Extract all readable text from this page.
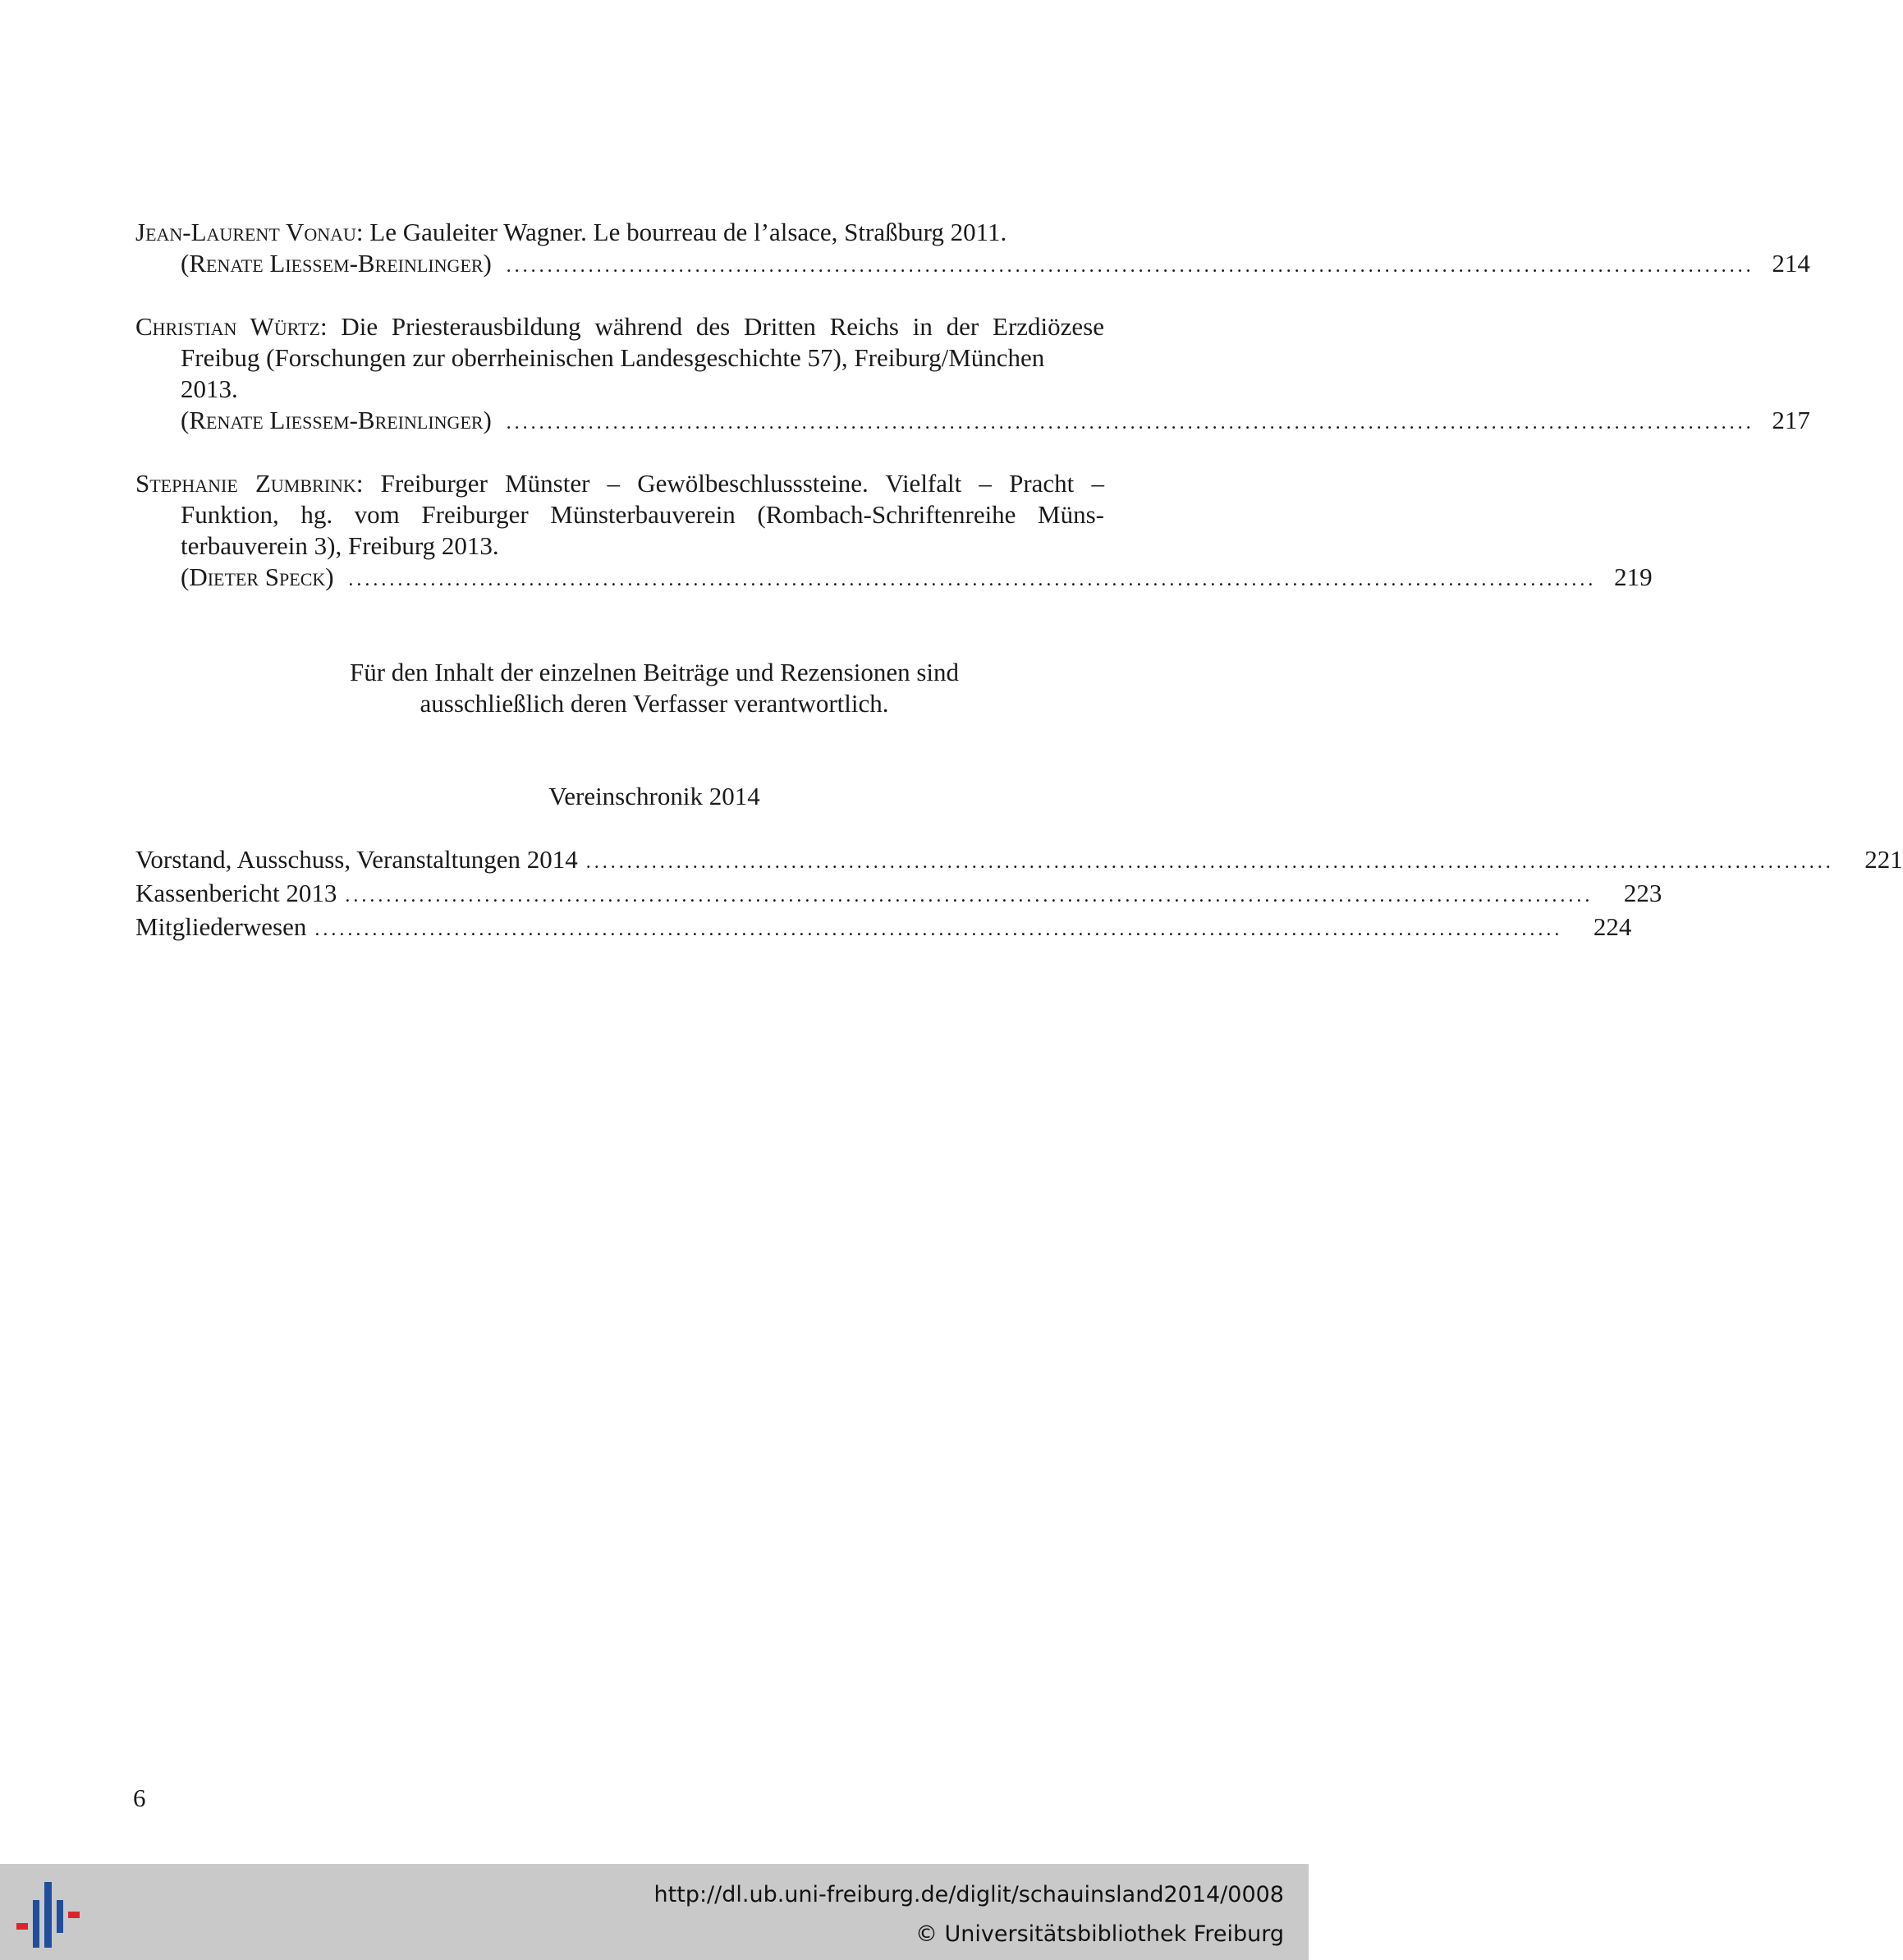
Jean-Laurent Vonau: Le Gauleiter Wagner. Le bourreau de l’alsace, Straßburg 2011.
(Renate Liessem-Breinlinger) ........................................................................................................................................................ 214
Christian Würtz: Die Priesterausbildung während des Dritten Reichs in der Erzdiözese
Freibug (Forschungen zur oberrheinischen Landesgeschichte 57), Freiburg/München
2013.
(Renate Liessem-Breinlinger) ........................................................................................................................................................ 217
Stephanie Zumbrink: Freiburger Münster – Gewölbeschlusssteine. Vielfalt – Pracht –
Funktion, hg. vom Freiburger Münsterbauverein (Rombach-Schriftenreihe Müns-
terbauverein 3), Freiburg 2013.
(Dieter Speck) ........................................................................................................................................................ 219
Für den Inhalt der einzelnen Beiträge und Rezensionen sind
ausschließlich deren Verfasser verantwortlich.
Vereinschronik 2014
Vorstand, Ausschuss, Veranstaltungen 2014 ........................................................................................................................................................	221
Kassenbericht 2013 ........................................................................................................................................................	223
Mitgliederwesen ........................................................................................................................................................	224
6
http://dl.ub.uni-freiburg.de/diglit/schauinsland2014/0008
© Universitätsbibliothek Freiburg
